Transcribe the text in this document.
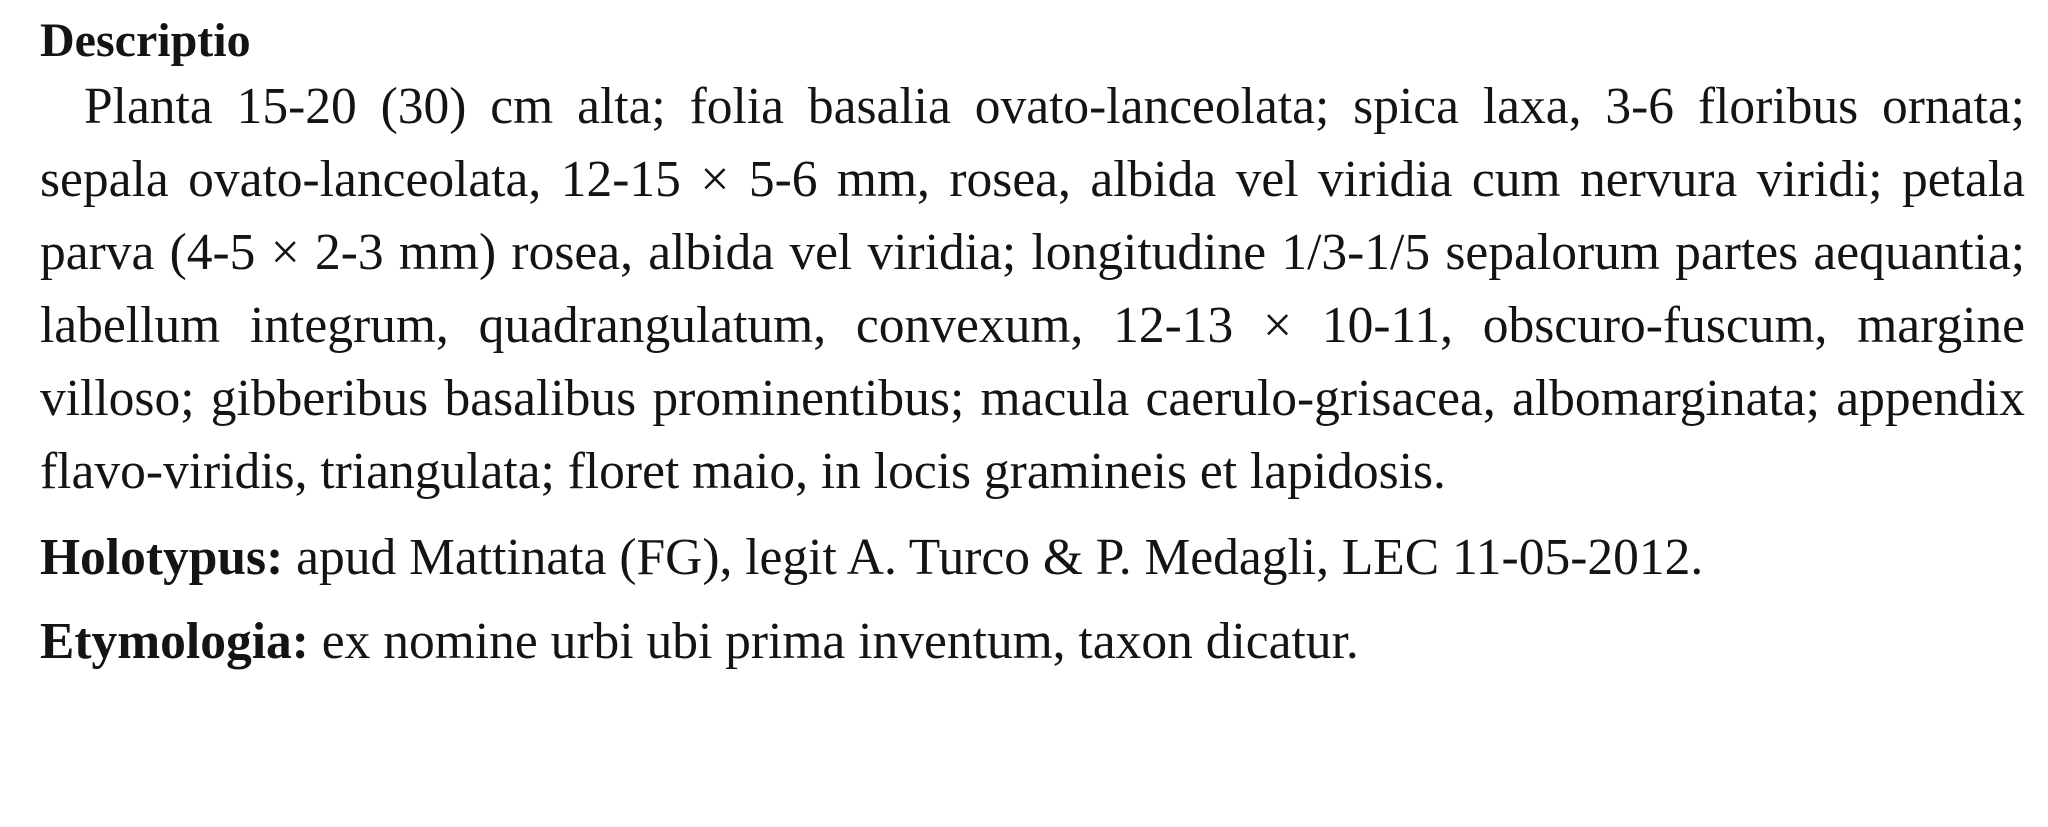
Descriptio

Planta 15-20 (30) cm alta; folia basalia ovato-lanceolata; spica laxa, 3-6 floribus ornata; sepala ovato-lanceolata, 12-15 × 5-6 mm, rosea, albida vel viridia cum nervura viridi; petala parva (4-5 × 2-3 mm) rosea, albida vel viridia; longitudine 1/3-1/5 sepalorum partes aequantia; labellum integrum, quadrangulatum, convexum, 12-13 × 10-11, obscuro-fuscum, margine villoso; gibberibus basalibus prominentibus; macula caerulo-grisacea, albomarginata; appendix flavo-viridis, triangulata; floret maio, in locis gramineis et lapidosis.

Holotypus: apud Mattinata (FG), legit A. Turco & P. Medagli, LEC 11-05-2012.

Etymologia: ex nomine urbi ubi prima inventum, taxon dicatur.
